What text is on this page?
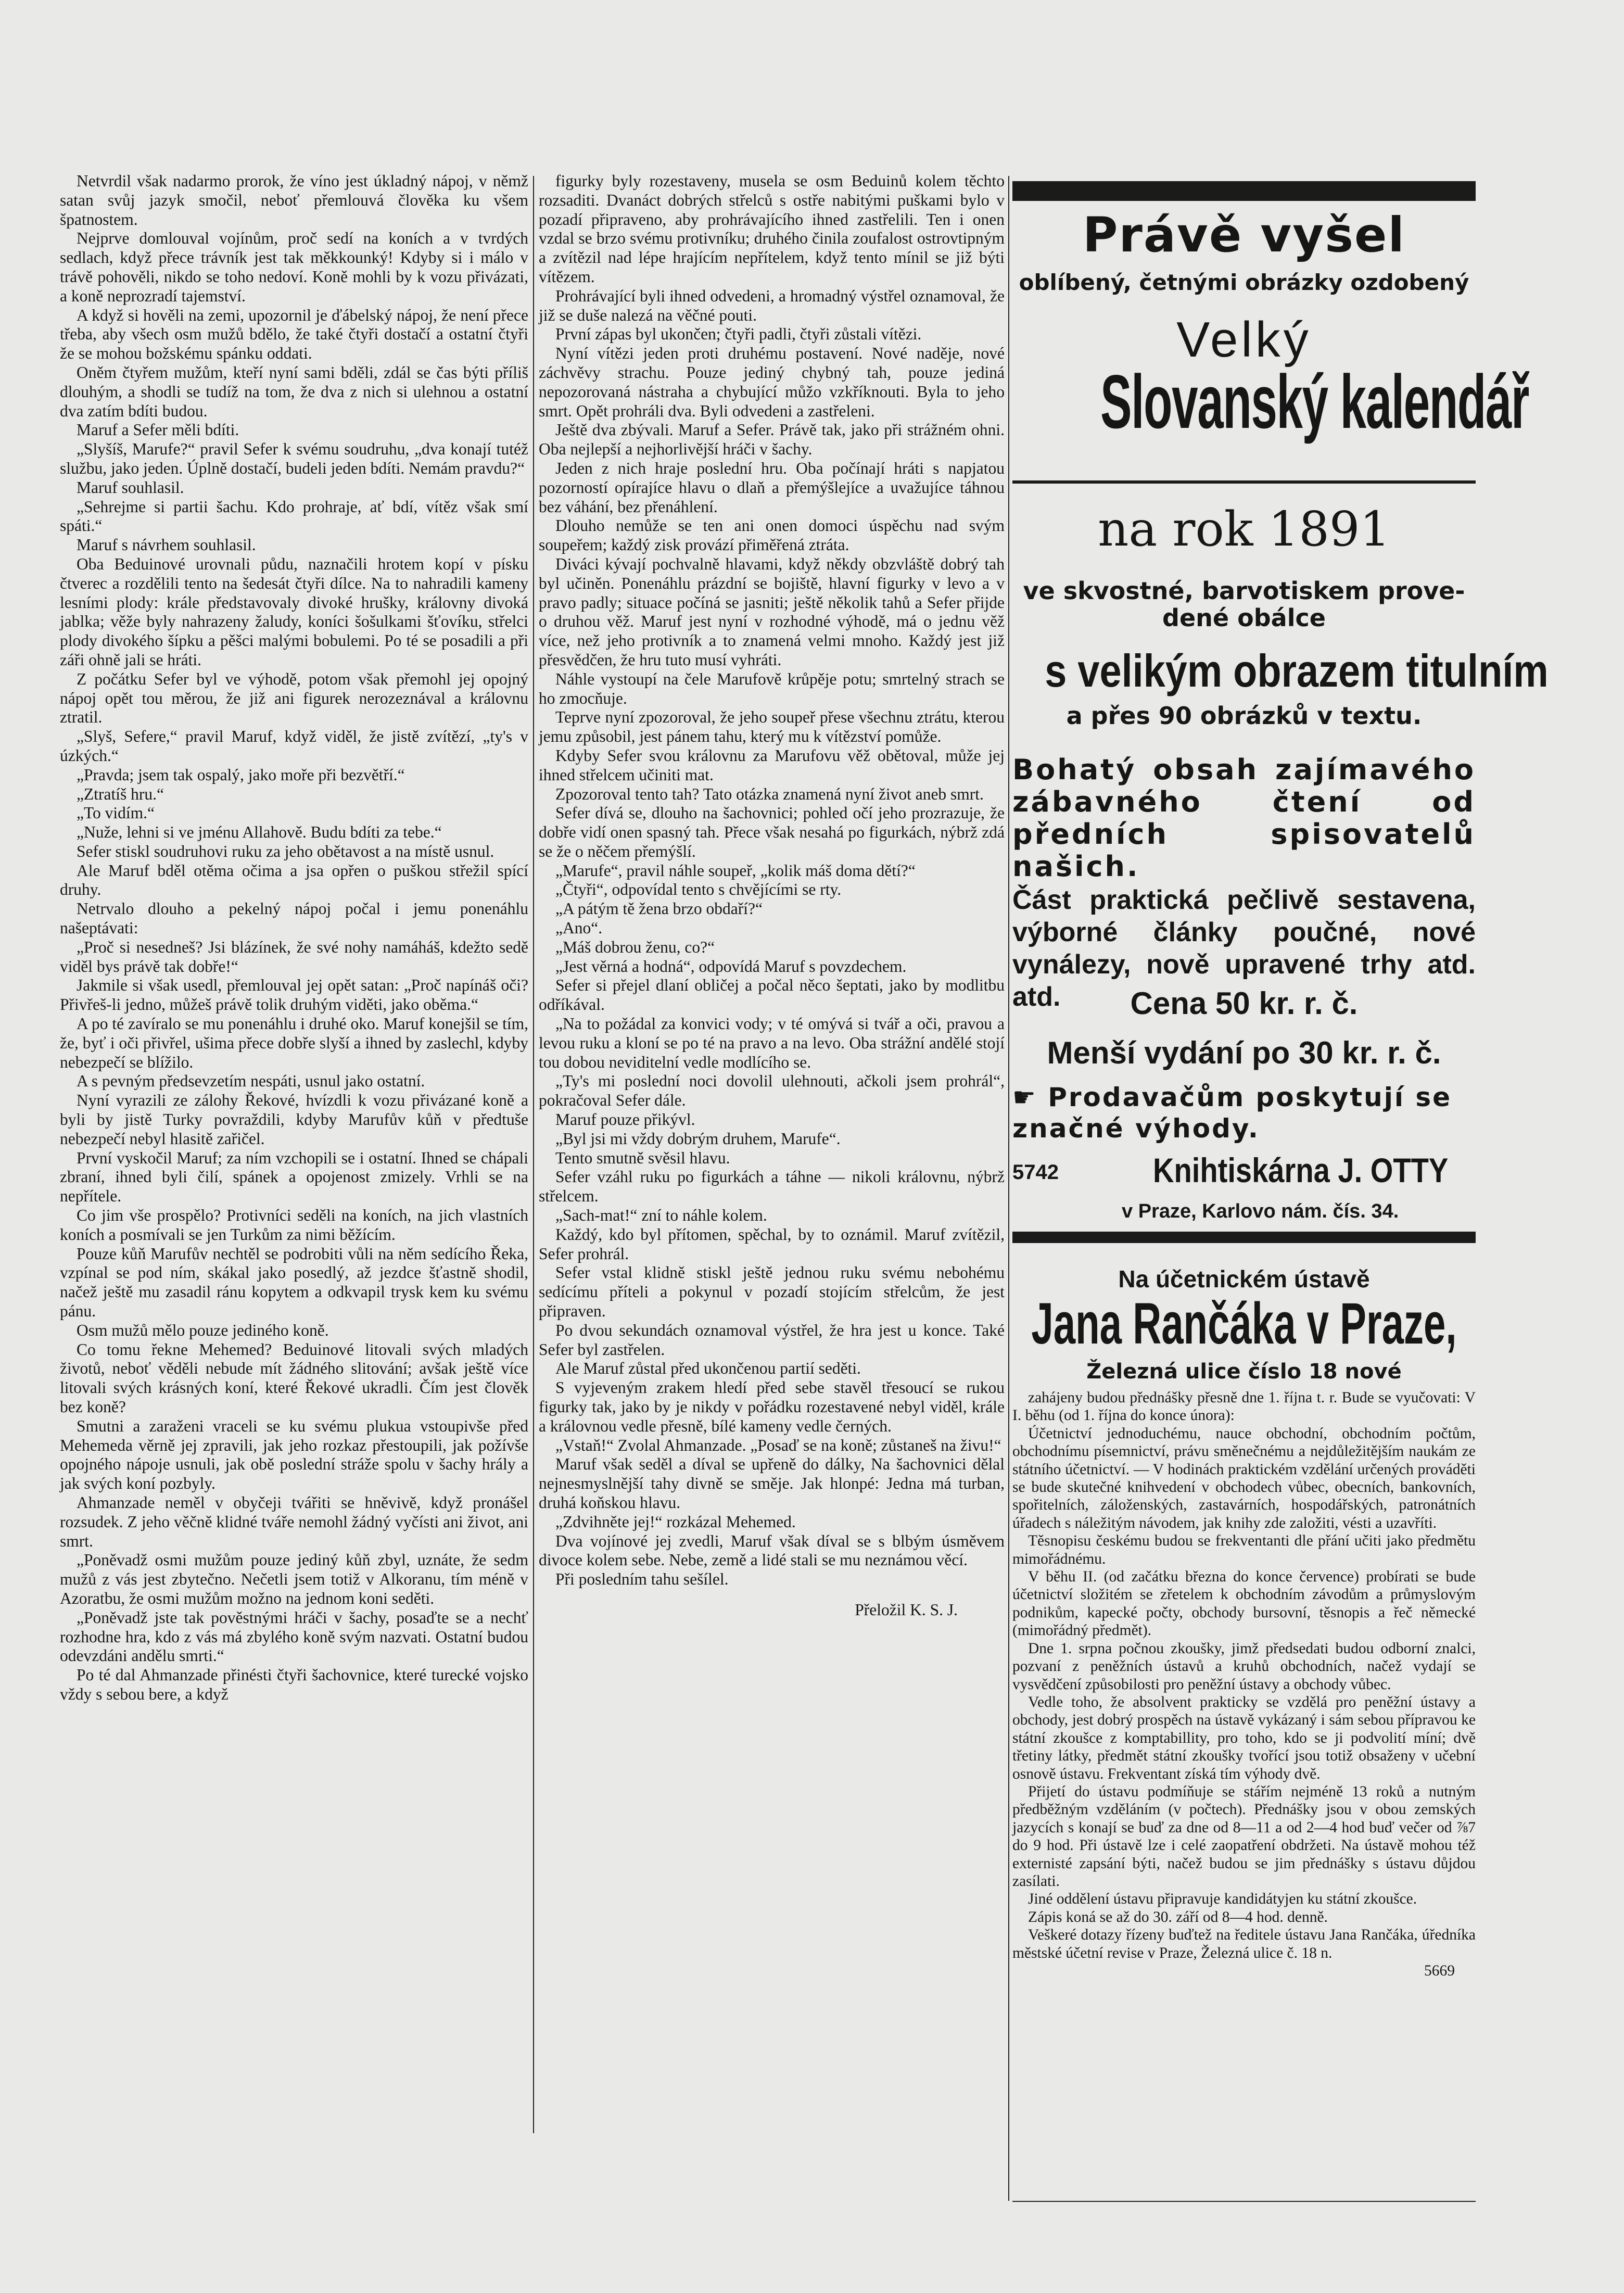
Netvrdil však nadarmo prorok, že víno jest úkladný nápoj, v němž satan svůj jazyk smočil, neboť přemlouvá člověka ku všem špatnostem.

Nejprve domlouval vojínům, proč sedí na koních a v tvrdých sedlach, když přece trávník jest tak měkkounký! Kdyby si i málo v trávě pohověli, nikdo se toho nedoví. Koně mohli by k vozu přivázati, a koně neprozradí tajemství.

A když si hověli na zemi, upozornil je ďábelský nápoj, že není přece třeba, aby všech osm mužů bdělo, že také čtyři dostačí a ostatní čtyři že se mohou božskému spánku oddati.

Oněm čtyřem mužům, kteří nyní sami bděli, zdál se čas býti příliš dlouhým, a shodli se tudíž na tom, že dva z nich si ulehnou a ostatní dva zatím bdíti budou.

Maruf a Sefer měli bdíti.

„Slyšíš, Marufe?“ pravil Sefer k svému soudruhu, „dva konají tutéž službu, jako jeden. Úplně dostačí, budeli jeden bdíti. Nemám pravdu?“

Maruf souhlasil.

„Sehrejme si partii šachu. Kdo prohraje, ať bdí, vítěz však smí spáti.“

Maruf s návrhem souhlasil.

Oba Beduinové urovnali půdu, naznačili hrotem kopí v písku čtverec a rozdělili tento na šedesát čtyři dílce. Na to nahradili kameny lesními plody: krále představovaly divoké hrušky, královny divoká jablka; věže byly nahrazeny žaludy, koníci šošulkami šťovíku, střelci plody divokého šípku a pěšci malými bobulemi. Po té se posadili a při záři ohně jali se hráti.

Z počátku Sefer byl ve výhodě, potom však přemohl jej opojný nápoj opět tou měrou, že již ani figurek nerozeznával a královnu ztratil.

„Slyš, Sefere,“ pravil Maruf, když viděl, že jistě zvítězí, „ty's v úzkých.“

„Pravda; jsem tak ospalý, jako moře při bezvětří.“

„Ztratíš hru.“

„To vidím.“

„Nuže, lehni si ve jménu Allahově. Budu bdíti za tebe.“

Sefer stiskl soudruhovi ruku za jeho obětavost a na místě usnul.

Ale Maruf bděl otěma očima a jsa opřen o puškou střežil spící druhy.

Netrvalo dlouho a pekelný nápoj počal i jemu ponenáhlu našeptávati:

„Proč si nesedneš? Jsi blázínek, že své nohy namáháš, kdežto sedě viděl bys právě tak dobře!“

Jakmile si však usedl, přemlouval jej opět satan: „Proč napínáš oči? Přivřeš-li jedno, můžeš právě tolik druhým viděti, jako oběma.“

A po té zavíralo se mu ponenáhlu i druhé oko. Maruf konejšil se tím, že, byť i oči přivřel, ušima přece dobře slyší a ihned by zaslechl, kdyby nebezpečí se blížilo.

A s pevným předsevzetím nespáti, usnul jako ostatní.

Nyní vyrazili ze zálohy Řekové, hvízdli k vozu přivázané koně a byli by jistě Turky povraždili, kdyby Marufův kůň v předtuše nebezpečí nebyl hlasitě zařičel.

První vyskočil Maruf; za ním vzchopili se i ostatní. Ihned se chápali zbraní, ihned byli čilí, spánek a opojenost zmizely. Vrhli se na nepřítele.

Co jim vše prospělo? Protivníci seděli na koních, na jich vlastních koních a posmívali se jen Turkům za nimi běžícím.

Pouze kůň Marufův nechtěl se podrobiti vůli na něm sedícího Řeka, vzpínal se pod ním, skákal jako posedlý, až jezdce šťastně shodil, načež ještě mu zasadil ránu kopytem a odkvapil trysk kem ku svému pánu.

Osm mužů mělo pouze jediného koně.

Co tomu řekne Mehemed? Beduinové litovali svých mladých životů, neboť věděli nebude mít žádného slitování; avšak ještě více litovali svých krásných koní, které Řekové ukradli. Čím jest člověk bez koně?

Smutni a zaraženi vraceli se ku svému plukua vstoupivše před Mehemeda věrně jej zpravili, jak jeho rozkaz přestoupili, jak požívše opojného nápoje usnuli, jak obě poslední stráže spolu v šachy hrály a jak svých koní pozbyly.

Ahmanzade neměl v obyčeji tvářiti se hněvivě, když pronášel rozsudek. Z jeho věčně klidné tváře nemohl žádný vyčísti ani život, ani smrt.

„Poněvadž osmi mužům pouze jediný kůň zbyl, uznáte, že sedm mužů z vás jest zbytečno. Nečetli jsem totiž v Alkoranu, tím méně v Azoratbu, že osmi mužům možno na jednom koni seděti.

„Poněvadž jste tak pověstnými hráči v šachy, posaďte se a nechť rozhodne hra, kdo z vás má zbylého koně svým nazvati. Ostatní budou odevzdáni andělu smrti.“

Po té dal Ahmanzade přinésti čtyři šachovnice, které turecké vojsko vždy s sebou bere, a když

figurky byly rozestaveny, musela se osm Beduinů kolem těchto rozsaditi. Dvanáct dobrých střelců s ostře nabitými puškami bylo v pozadí připraveno, aby prohrávajícího ihned zastřelili. Ten i onen vzdal se brzo svému protivníku; druhého činila zoufalost ostrovtipným a zvítězil nad lépe hrajícím nepřítelem, když tento mínil se již býti vítězem.

Prohrávající byli ihned odvedeni, a hromadný výstřel oznamoval, že již se duše nalezá na věčné pouti.

První zápas byl ukončen; čtyři padli, čtyři zůstali vítězi.

Nyní vítězi jeden proti druhému postavení. Nové naděje, nové záchvěvy strachu. Pouze jediný chybný tah, pouze jediná nepozorovaná nástraha a chybující můžo vzkříknouti. Byla to jeho smrt. Opět prohráli dva. Byli odvedeni a zastřeleni.

Ještě dva zbývali. Maruf a Sefer. Právě tak, jako při strážném ohni. Oba nejlepší a nejhorlivější hráči v šachy.

Jeden z nich hraje poslední hru. Oba počínají hráti s napjatou pozorností opírajíce hlavu o dlaň a přemýšlejíce a uvažujíce táhnou bez váhání, bez přenáhlení.

Dlouho nemůže se ten ani onen domoci úspěchu nad svým soupeřem; každý zisk provází přiměřená ztráta.

Diváci kývají pochvalně hlavami, když někdy obzvláště dobrý tah byl učiněn. Ponenáhlu prázdní se bojiště, hlavní figurky v levo a v pravo padly; situace počíná se jasniti; ještě několik tahů a Sefer přijde o druhou věž. Maruf jest nyní v rozhodné výhodě, má o jednu věž více, než jeho protivník a to znamená velmi mnoho. Každý jest již přesvědčen, že hru tuto musí vyhráti.

Náhle vystoupí na čele Marufově krůpěje potu; smrtelný strach se ho zmocňuje.

Teprve nyní zpozoroval, že jeho soupeř přese všechnu ztrátu, kterou jemu způsobil, jest pánem tahu, který mu k vítězství pomůže.

Kdyby Sefer svou královnu za Marufovu věž obětoval, může jej ihned střelcem učiniti mat.

Zpozoroval tento tah? Tato otázka znamená nyní život aneb smrt.

Sefer dívá se, dlouho na šachovnici; pohled očí jeho prozrazuje, že dobře vidí onen spasný tah. Přece však nesahá po figurkách, nýbrž zdá se že o něčem přemýšlí.

„Marufe“, pravil náhle soupeř, „kolik máš doma dětí?“

„Čtyři“, odpovídal tento s chvějícími se rty.

„A pátým tě žena brzo obdaří?“

„Ano“.

„Máš dobrou ženu, co?“

„Jest věrná a hodná“, odpovídá Maruf s povzdechem.

Sefer si přejel dlaní obličej a počal něco šeptati, jako by modlitbu odříkával.

„Na to požádal za konvici vody; v té omývá si tvář a oči, pravou a levou ruku a kloní se po té na pravo a na levo. Oba strážní andělé stojí tou dobou neviditelní vedle modlícího se.

„Ty's mi poslední noci dovolil ulehnouti, ačkoli jsem prohrál“, pokračoval Sefer dále.

Maruf pouze přikývl.

„Byl jsi mi vždy dobrým druhem, Marufe“.

Tento smutně svěsil hlavu.

Sefer vzáhl ruku po figurkách a táhne — nikoli královnu, nýbrž střelcem.

„Sach-mat!“ zní to náhle kolem.

Každý, kdo byl přítomen, spěchal, by to oznámil. Maruf zvítězil, Sefer prohrál.

Sefer vstal klidně stiskl ještě jednou ruku svému nebohému sedícímu příteli a pokynul v pozadí stojícím střelcům, že jest připraven.

Po dvou sekundách oznamoval výstřel, že hra jest u konce. Také Sefer byl zastřelen.

Ale Maruf zůstal před ukončenou partií seděti.

S vyjeveným zrakem hledí před sebe stavěl třesoucí se rukou figurky tak, jako by je nikdy v pořádku rozestavené nebyl viděl, krále a královnou vedle přesně, bílé kameny vedle černých.

„Vstaň!“ Zvolal Ahmanzade. „Posaď se na koně; zůstaneš na živu!“

Maruf však seděl a díval se upřeně do dálky, Na šachovnici dělal nejnesmyslnější tahy divně se směje. Jak hlonpé: Jedna má turban, druhá koňskou hlavu.

„Zdvihněte jej!“ rozkázal Mehemed.

Dva vojínové jej zvedli, Maruf však díval se s blbým úsměvem divoce kolem sebe. Nebe, země a lidé stali se mu neznámou věcí.

Při posledním tahu sešílel.

Přeložil K. S. J.

Právě vyšel
oblíbený, četnými obrázky ozdobený
Velký
Slovanský kalendář
na rok 1891
ve skvostné, barvotiskem prove-
dené obálce
s velikým obrazem titulním
a přes 90 obrázků v textu.
Bohatý obsah zajímavého zábavného čtení od předních spisovatelů našich.
Část praktická pečlivě sestavena, výborné články poučné, nové vynálezy, nově upravené trhy atd. atd.	Cena 50 kr. r. č.
Menší vydání po 30 kr. r. č.
☛ Prodavačům poskytují se značné výhody.
5742	Knihtiskárna J. OTTY
v Praze, Karlovo nám. čís. 34.
Na účetnickém ústavě
Jana Rančáka v Praze,
Železná ulice číslo 18 nové

zahájeny budou přednášky přesně dne 1. října t. r. Bude se vyučovati: V I. běhu (od 1. října do konce února):

Účetnictví jednoduchému, nauce obchodní, obchodním počtům, obchodnímu písemnictví, právu směnečnému a nejdůležitějším naukám ze státního účetnictví. — V hodinách praktickém vzdělání určených prováděti se bude skutečné knihvedení v obchodech vůbec, obecních, bankovních, spořitelních, záloženských, zastavárních, hospodářských, patronátních úřadech s náležitým návodem, jak knihy zde založiti, vésti a uzavříti.

Těsnopisu českému budou se frekventanti dle přání učiti jako předmětu mimořádnému.

V běhu II. (od začátku března do konce července) probírati se bude účetnictví složitém se zřetelem k obchodním závodům a průmyslovým podnikům, kapecké počty, obchody bursovní, těsnopis a řeč německé (mimořádný předmět).

Dne 1. srpna počnou zkoušky, jimž předsedati budou odborní znalci, pozvaní z peněžních ústavů a kruhů obchodních, načež vydají se vysvědčení způsobilosti pro peněžní ústavy a obchody vůbec.

Vedle toho, že absolvent prakticky se vzdělá pro peněžní ústavy a obchody, jest dobrý prospěch na ústavě vykázaný i sám sebou přípravou ke státní zkoušce z komptabillity, pro toho, kdo se ji podvolití míní; dvě třetiny látky, předmět státní zkoušky tvořící jsou totiž obsaženy v učební osnově ústavu. Frekventant získá tím výhody dvě.

Přijetí do ústavu podmíňuje se stářím nejméně 13 roků a nutným předběžným vzděláním (v počtech). Přednášky jsou v obou zemských jazycích s konají se buď za dne od 8—11 a od 2—4 hod buď večer od ⅞7 do 9 hod. Při ústavě lze i celé zaopatření obdržeti. Na ústavě mohou též externisté zapsání býti, načež budou se jim přednášky s ústavu důjdou zasílati.

Jiné oddělení ústavu připravuje kandidátyjen ku státní zkoušce.

Zápis koná se až do 30. září od 8—4 hod. denně.

Veškeré dotazy řízeny buďtež na ředitele ústavu Jana Rančáka, úředníka městské účetní revise v Praze, Železná ulice č. 18 n.

5669
